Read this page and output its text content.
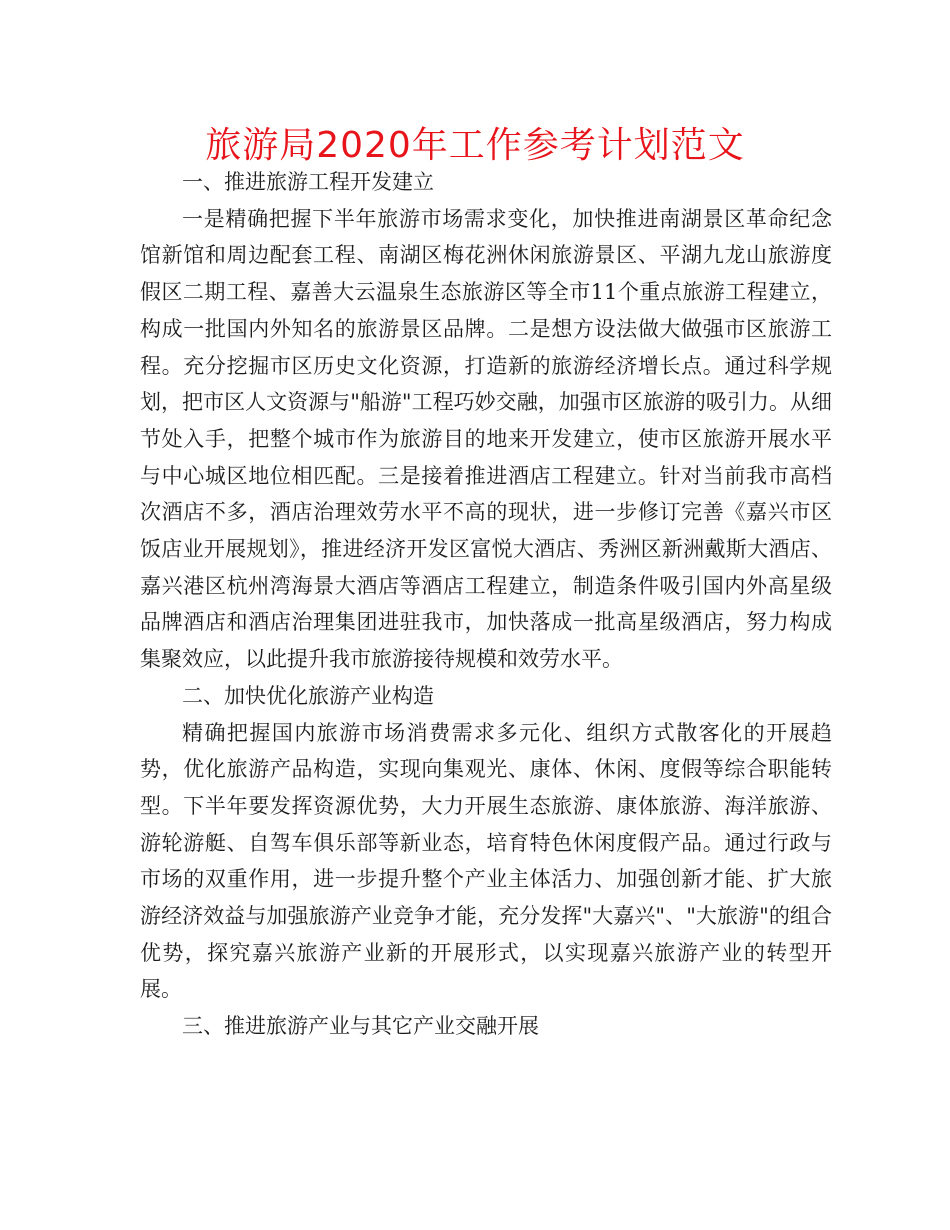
旅游局2020年工作参考计划范文

一、推进旅游工程开发建立

一是精确把握下半年旅游市场需求变化，加快推进南湖景区革命纪念馆新馆和周边配套工程、南湖区梅花洲休闲旅游景区、平湖九龙山旅游度假区二期工程、嘉善大云温泉生态旅游区等全市11个重点旅游工程建立，构成一批国内外知名的旅游景区品牌。二是想方设法做大做强市区旅游工程。充分挖掘市区历史文化资源，打造新的旅游经济增长点。通过科学规划，把市区人文资源与"船游"工程巧妙交融，加强市区旅游的吸引力。从细节处入手，把整个城市作为旅游目的地来开发建立，使市区旅游开展水平与中心城区地位相匹配。三是接着推进酒店工程建立。针对当前我市高档次酒店不多，酒店治理效劳水平不高的现状，进一步修订完善《嘉兴市区饭店业开展规划》，推进经济开发区富悦大酒店、秀洲区新洲戴斯大酒店、嘉兴港区杭州湾海景大酒店等酒店工程建立，制造条件吸引国内外高星级品牌酒店和酒店治理集团进驻我市，加快落成一批高星级酒店，努力构成集聚效应，以此提升我市旅游接待规模和效劳水平。

二、加快优化旅游产业构造

精确把握国内旅游市场消费需求多元化、组织方式散客化的开展趋势，优化旅游产品构造，实现向集观光、康体、休闲、度假等综合职能转型。下半年要发挥资源优势，大力开展生态旅游、康体旅游、海洋旅游、游轮游艇、自驾车俱乐部等新业态，培育特色休闲度假产品。通过行政与市场的双重作用，进一步提升整个产业主体活力、加强创新才能、扩大旅游经济效益与加强旅游产业竞争才能，充分发挥"大嘉兴"、"大旅游"的组合优势，探究嘉兴旅游产业新的开展形式，以实现嘉兴旅游产业的转型开展。

三、推进旅游产业与其它产业交融开展
